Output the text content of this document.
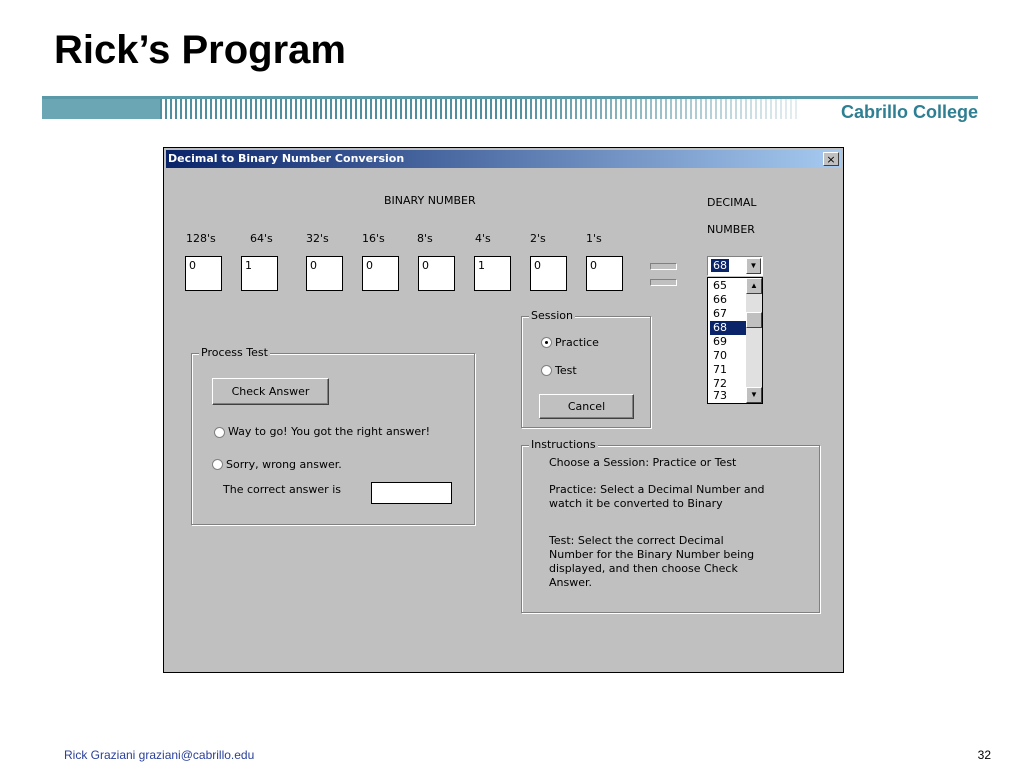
Rick’s Program
Cabrillo College
Decimal to Binary Number Conversion	×
BINARY NUMBER	DECIMAL
NUMBER
128's	64's	32's	16's	8's	4's	2's	1's
0	1	0	0	0	1	0	0	68	▼
65
66
67
68
69
70
71
72
73
▲
▼
Session
Practice
Test
Cancel
Process Test
Check Answer
Way to go! You got the right answer!
Sorry, wrong answer.
The correct answer is
Instructions
Choose a Session: Practice or Test
Practice: Select a Decimal Number and
watch it be converted to Binary
Test: Select the correct Decimal
Number for the Binary Number being
displayed, and then choose Check
Answer.
Rick Graziani graziani@cabrillo.edu	32
